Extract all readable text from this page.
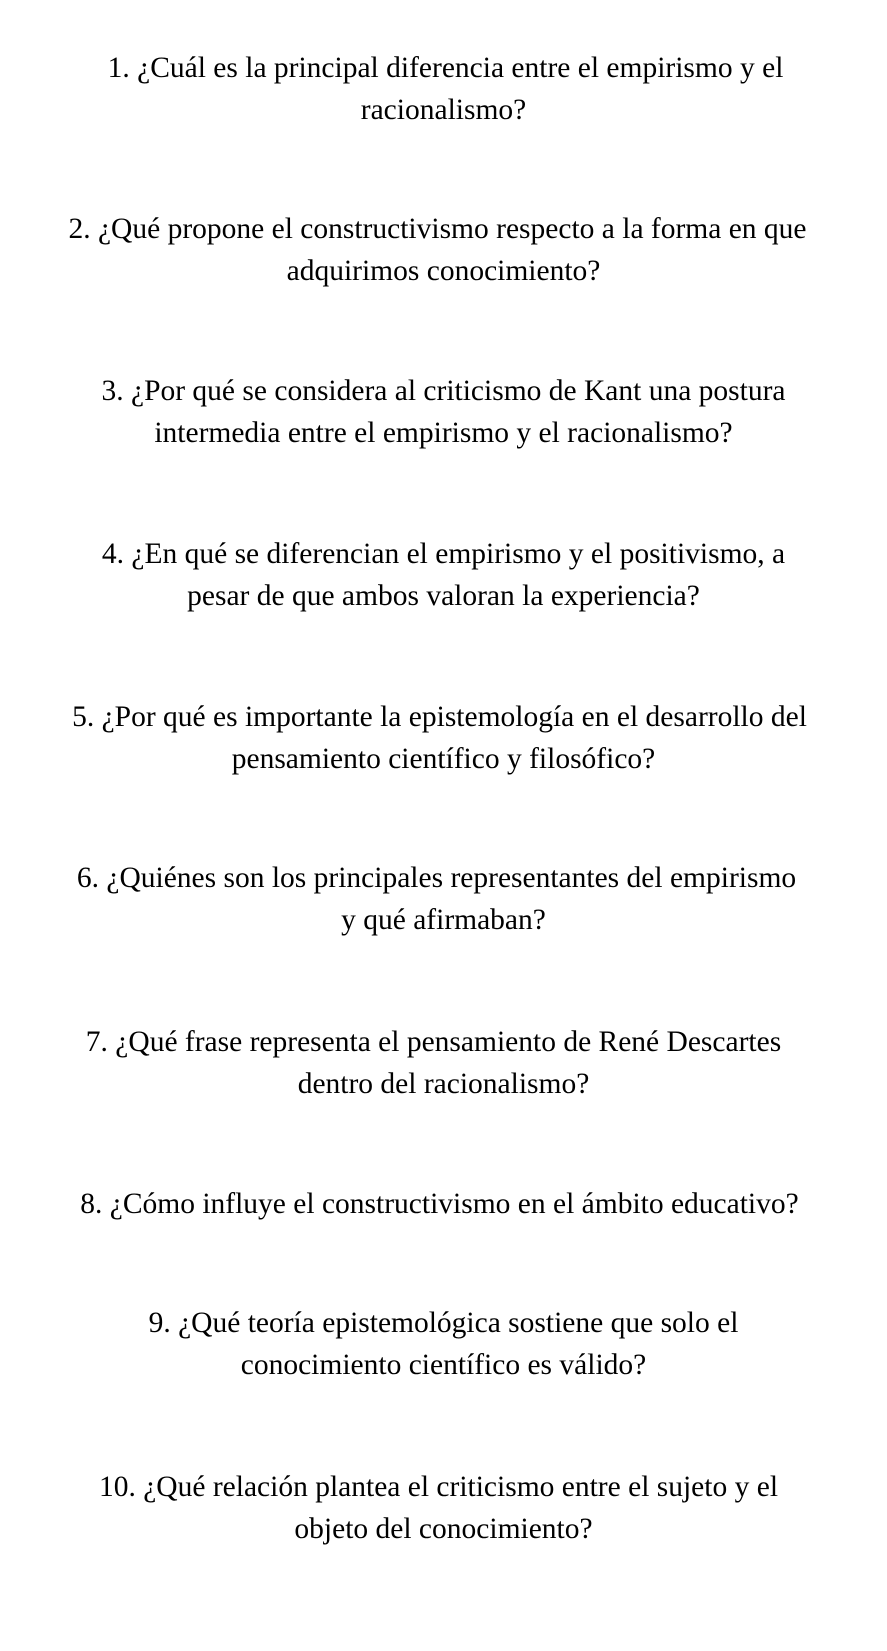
1. ¿Cuál es la principal diferencia entre el empirismo y el
racionalismo?
2. ¿Qué propone el constructivismo respecto a la forma en que
adquirimos conocimiento?
3. ¿Por qué se considera al criticismo de Kant una postura
intermedia entre el empirismo y el racionalismo?
4. ¿En qué se diferencian el empirismo y el positivismo, a
pesar de que ambos valoran la experiencia?
5. ¿Por qué es importante la epistemología en el desarrollo del
pensamiento científico y filosófico?
6. ¿Quiénes son los principales representantes del empirismo
y qué afirmaban?
7. ¿Qué frase representa el pensamiento de René Descartes
dentro del racionalismo?
8. ¿Cómo influye el constructivismo en el ámbito educativo?
9. ¿Qué teoría epistemológica sostiene que solo el
conocimiento científico es válido?
10. ¿Qué relación plantea el criticismo entre el sujeto y el
objeto del conocimiento?
